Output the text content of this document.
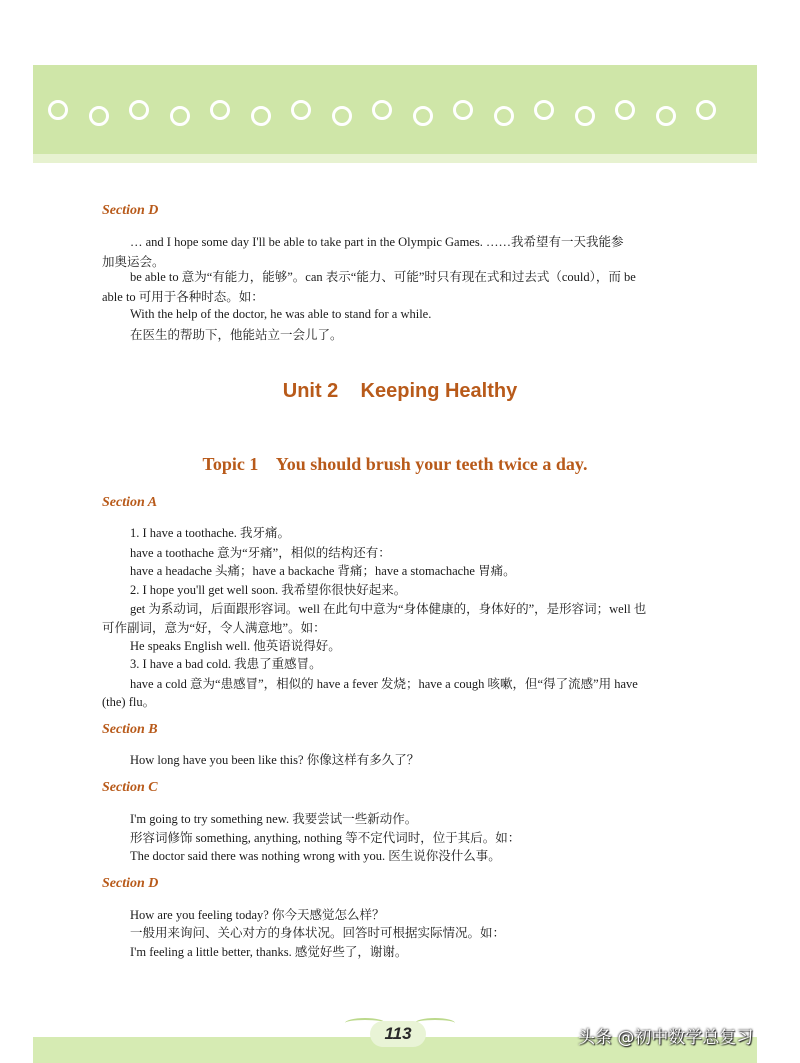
Section D
… and I hope some day I'll be able to take part in the Olympic Games. ……我希望有一天我能参
加奥运会。
be able to 意为“有能力，能够”。can 表示“能力、可能”时只有现在式和过去式（could），而 be
able to 可用于各种时态。如：
With the help of the doctor, he was able to stand for a while.
在医生的帮助下，他能站立一会儿了。
Unit 2    Keeping Healthy
Topic 1    You should brush your teeth twice a day.
Section A
1. I have a toothache. 我牙痛。
have a toothache 意为“牙痛”，相似的结构还有：
have a headache 头痛；have a backache 背痛；have a stomachache 胃痛。
2. I hope you'll get well soon. 我希望你很快好起来。
get 为系动词，后面跟形容词。well 在此句中意为“身体健康的，身体好的”，是形容词；well 也
可作副词，意为“好，令人满意地”。如：
He speaks English well. 他英语说得好。
3. I have a bad cold. 我患了重感冒。
have a cold 意为“患感冒”，相似的 have a fever 发烧；have a cough 咳嗽，但“得了流感”用 have
(the) flu。
Section B
How long have you been like this? 你像这样有多久了？
Section C
I'm going to try something new. 我要尝试一些新动作。
形容词修饰 something, anything, nothing 等不定代词时，位于其后。如：
The doctor said there was nothing wrong with you. 医生说你没什么事。
Section D
How are you feeling today? 你今天感觉怎么样？
一般用来询问、关心对方的身体状况。回答时可根据实际情况。如：
I'm feeling a little better, thanks. 感觉好些了，谢谢。
113	头条 @初中数学总复习
